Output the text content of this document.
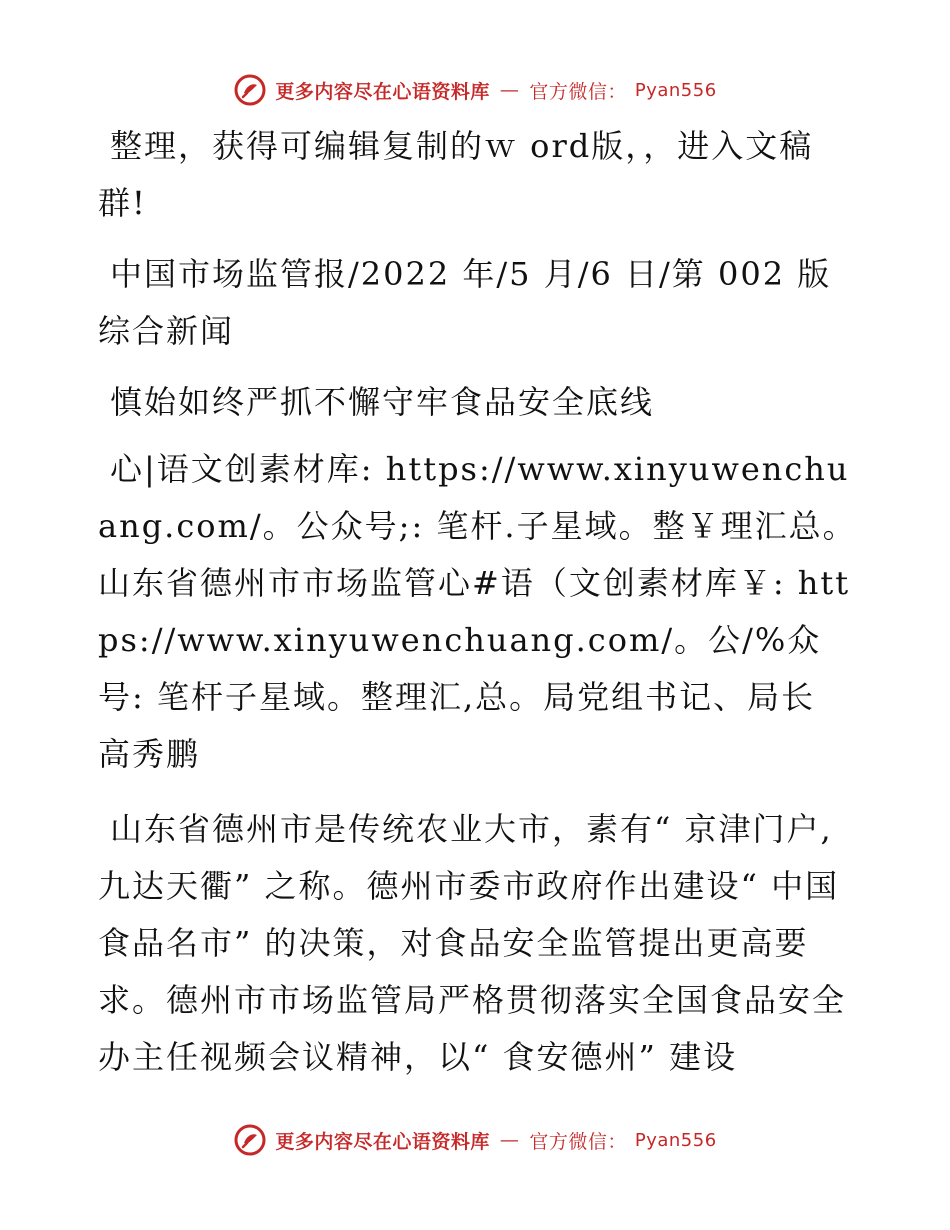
更多内容尽在心语资料库 — 官方微信： Pyan556

整理，获得可编辑复制的ｗ ord版，，进入文稿群!

中国市场监管报/2022 年/5 月/6 日/第 002 版综合新闻

慎始如终严抓不懈守牢食品安全底线

心|语文创素材库: https://www.xinyuwenchuang.com/。公众号;: 笔杆.子星域。整￥理汇总。山东省德州市市场监管心#语（文创素材库￥: https://www.xinyuwenchuang.com/。公/%众号: 笔杆子星域。整理汇,总。局党组书记、局长　高秀鹏

山东省德州市是传统农业大市，素有“ 京津门户,九达天衢” 之称。德州市委市政府作出建设“ 中国食品名市” 的决策，对食品安全监管提出更高要求。德州市市场监管局严格贯彻落实全国食品安全办主任视频会议精神，以“ 食安德州” 建设

更多内容尽在心语资料库 — 官方微信： Pyan556
